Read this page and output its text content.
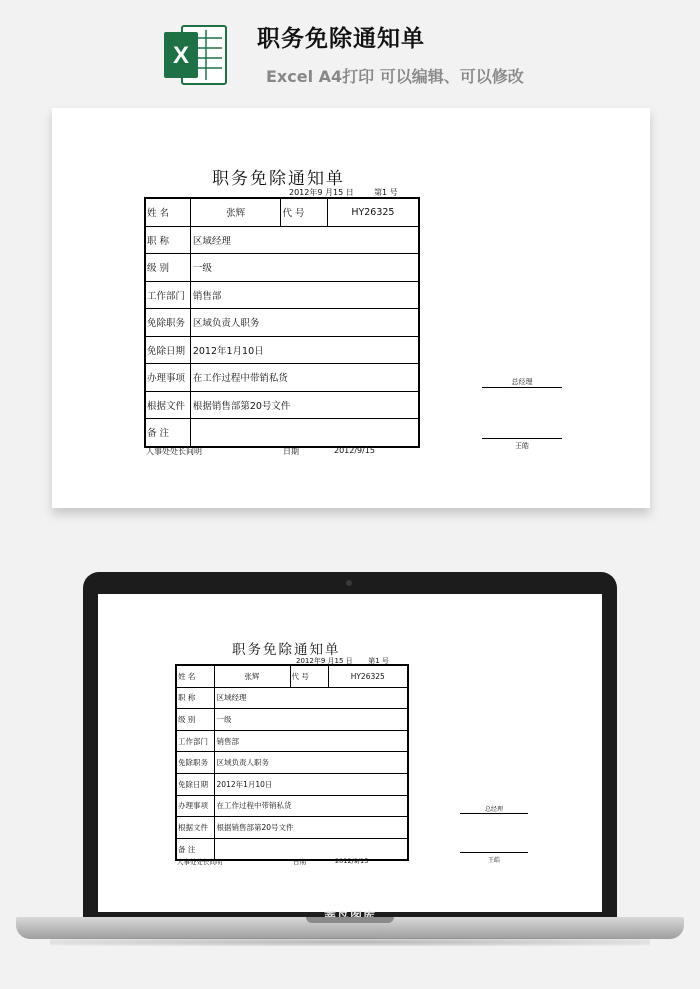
X
职务免除通知单
Excel A4打印 可以编辑、可以修改
职务免除通知单
2012年9 月15 日	第1 号
姓 名	张辉	代 号	HY26325
职 称	区域经理		
级 别	一级		
工作部门	销售部		
免除职务	区域负责人职务		
免除日期	2012年1月10日		
办理事项	在工作过程中带销私货		
根据文件	根据销售部第20号文件		
备 注			
人事处处长间明	日期	2012/9/15
总经理
王皓
职务免除通知单
2012年9 月15 日 第1 号
姓 名	张辉	代 号	HY26325
职 称	区域经理		
级 别	一级		
工作部门	销售部		
免除职务	区域负责人职务		
免除日期	2012年1月10日		
办理事项	在工作过程中带销私货		
根据文件	根据销售部第20号文件		
备 注			
人事处处长间明	日期	2012/9/15
总经理
王皓
